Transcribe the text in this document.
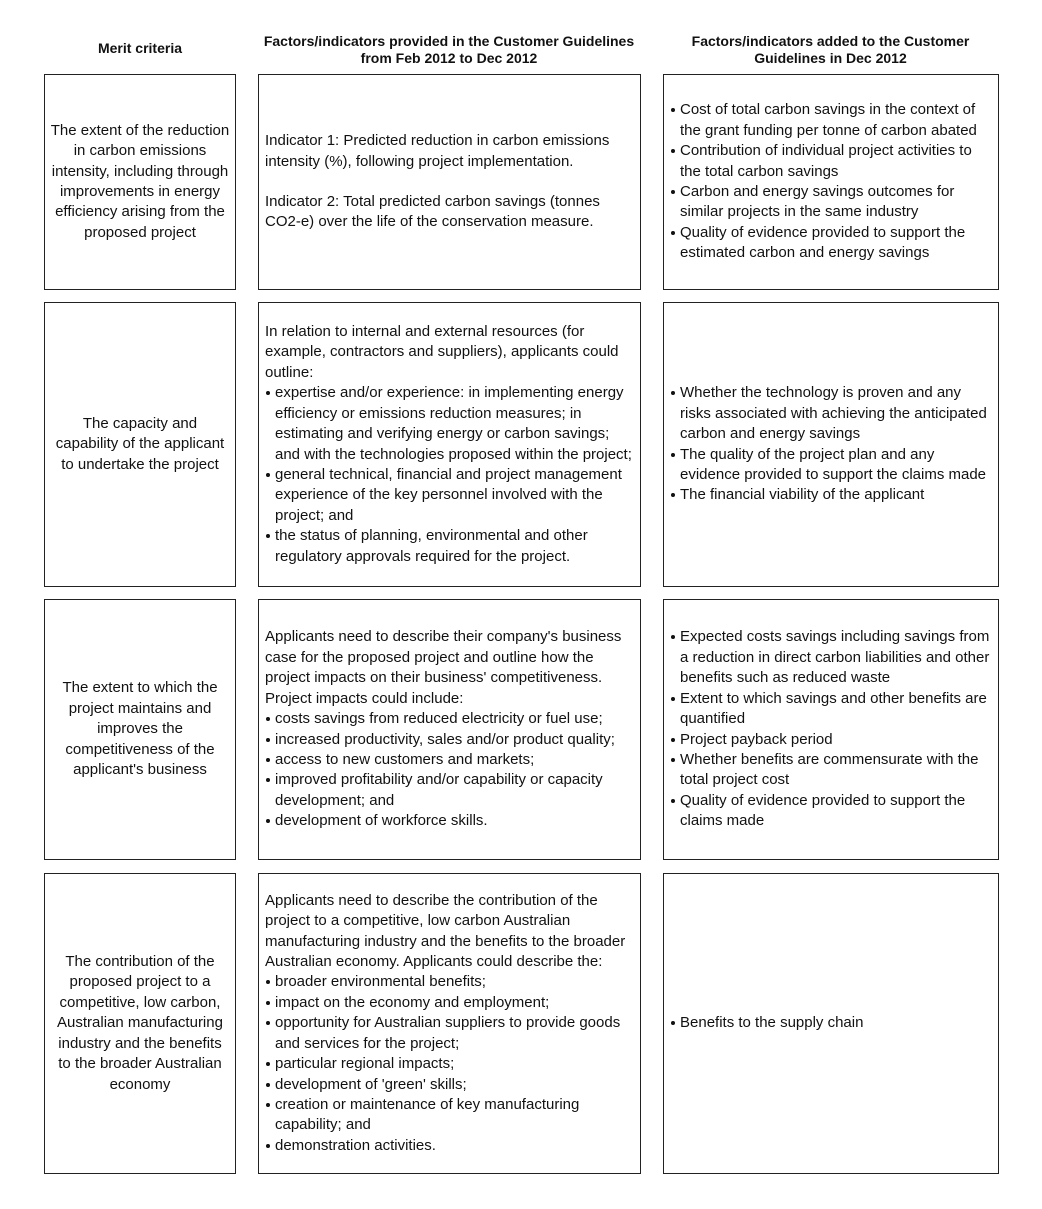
Merit criteria	Factors/indicators provided in the Customer Guidelines from Feb 2012 to Dec 2012
Factors/indicators added to the Customer Guidelines in Dec 2012
The extent of the reduction in carbon emissions intensity, including through improvements in energy efficiency arising from the proposed project

Indicator 1: Predicted reduction in carbon emissions intensity (%), following project implementation.

Indicator 2: Total predicted carbon savings (tonnes CO2-e) over the life of the conservation measure.

Cost of total carbon savings in the context of the grant funding per tonne of carbon abated
Contribution of individual project activities to the total carbon savings
Carbon and energy savings outcomes for similar projects in the same industry
Quality of evidence provided to support the estimated carbon and energy savings
The capacity and capability of the applicant to undertake the project

In relation to internal and external resources (for example, contractors and suppliers), applicants could outline:

expertise and/or experience: in implementing energy efficiency or emissions reduction measures; in estimating and verifying energy or carbon savings; and with the technologies proposed within the project;
general technical, financial and project management experience of the key personnel involved with the project; and
the status of planning, environmental and other regulatory approvals required for the project.
Whether the technology is proven and any risks associated with achieving the anticipated carbon and energy savings
The quality of the project plan and any evidence provided to support the claims made
The financial viability of the applicant
The extent to which the project maintains and improves the competitiveness of the applicant's business

Applicants need to describe their company's business case for the proposed project and outline how the project impacts on their business' competitiveness. Project impacts could include:

costs savings from reduced electricity or fuel use;
increased productivity, sales and/or product quality;
access to new customers and markets;
improved profitability and/or capability or capacity development; and
development of workforce skills.
Expected costs savings including savings from a reduction in direct carbon liabilities and other benefits such as reduced waste
Extent to which savings and other benefits are quantified
Project payback period
Whether benefits are commensurate with the total project cost
Quality of evidence provided to support the claims made
The contribution of the proposed project to a competitive, low carbon, Australian manufacturing industry and the benefits to the broader Australian economy

Applicants need to describe the contribution of the project to a competitive, low carbon Australian manufacturing industry and the benefits to the broader Australian economy. Applicants could describe the:

broader environmental benefits;
impact on the economy and employment;
opportunity for Australian suppliers to provide goods and services for the project;
particular regional impacts;
development of 'green' skills;
creation or maintenance of key manufacturing capability; and
demonstration activities.
Benefits to the supply chain
